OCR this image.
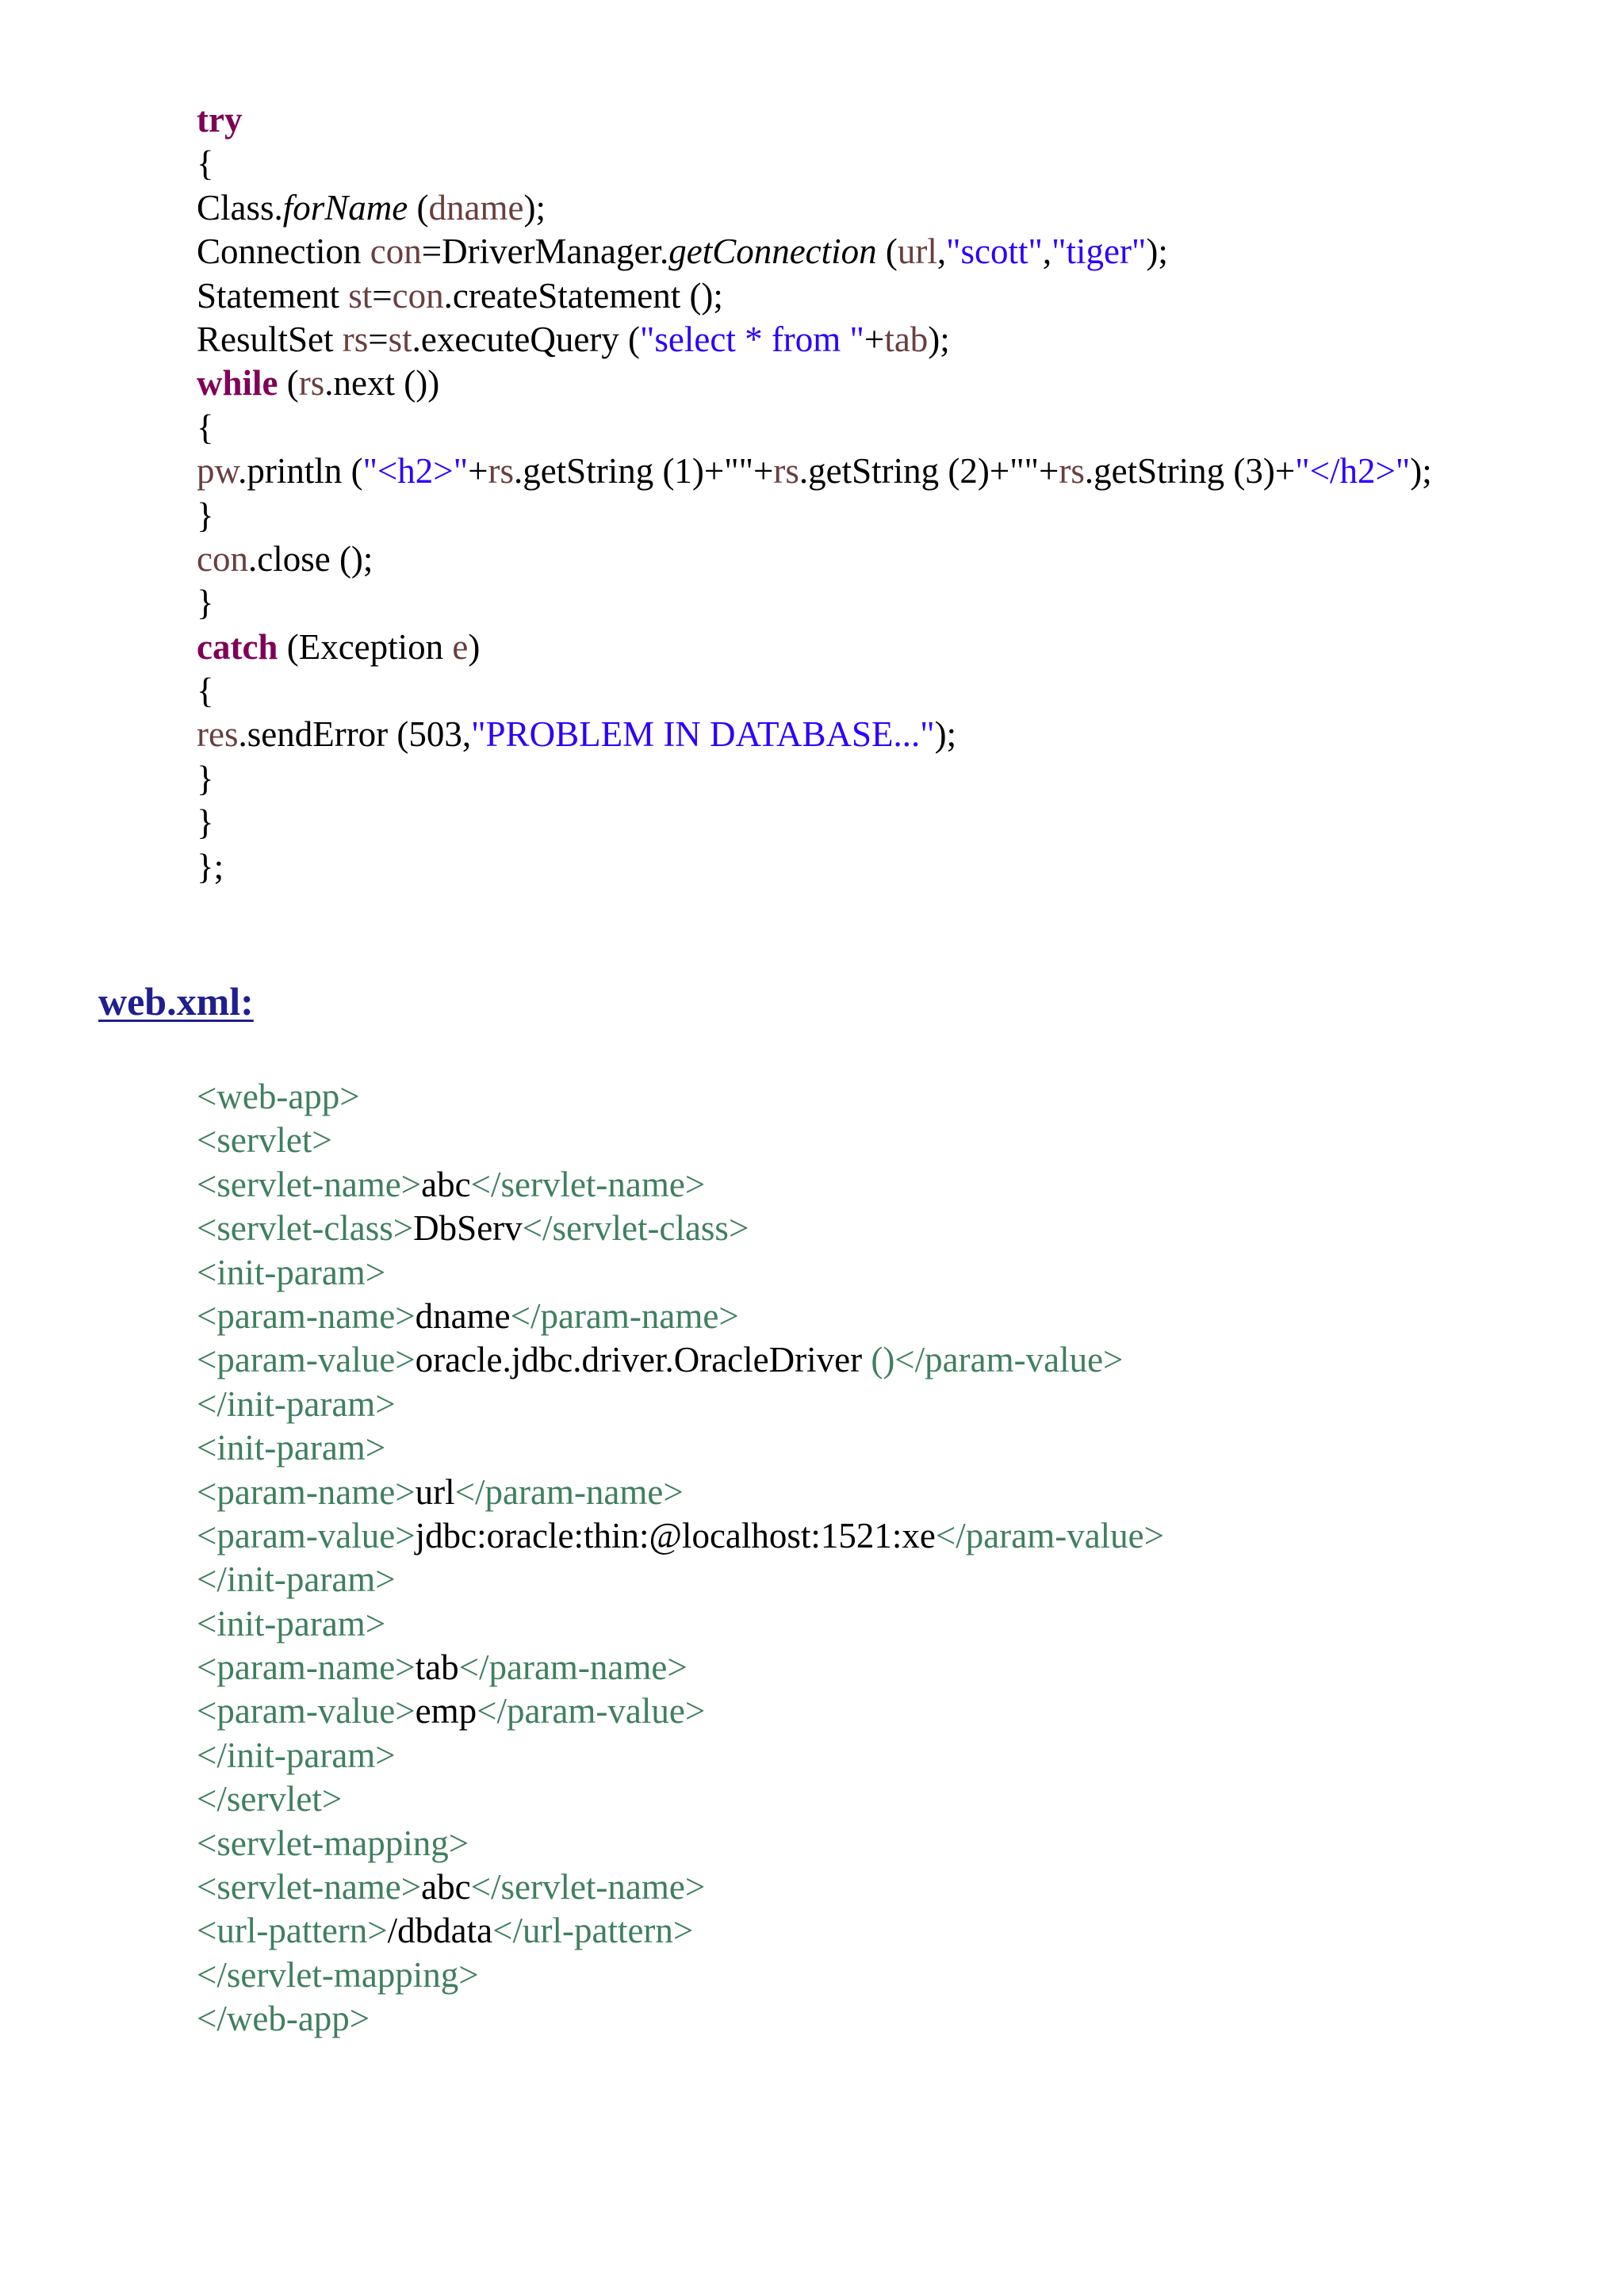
try
{
Class.forName (dname);
Connection con=DriverManager.getConnection (url,"scott","tiger");
Statement st=con.createStatement ();
ResultSet rs=st.executeQuery ("select * from "+tab);
while (rs.next ())
{
pw.println ("<h2>"+rs.getString (1)+""+rs.getString (2)+""+rs.getString (3)+"</h2>");
}
con.close ();
}
catch (Exception e)
{
res.sendError (503,"PROBLEM IN DATABASE...");
}
}
};
web.xml:
<web-app>
<servlet>
<servlet-name>abc</servlet-name>
<servlet-class>DbServ</servlet-class>
<init-param>
<param-name>dname</param-name>
<param-value>oracle.jdbc.driver.OracleDriver ()</param-value>
</init-param>
<init-param>
<param-name>url</param-name>
<param-value>jdbc:oracle:thin:@localhost:1521:xe</param-value>
</init-param>
<init-param>
<param-name>tab</param-name>
<param-value>emp</param-value>
</init-param>
</servlet>
<servlet-mapping>
<servlet-name>abc</servlet-name>
<url-pattern>/dbdata</url-pattern>
</servlet-mapping>
</web-app>
